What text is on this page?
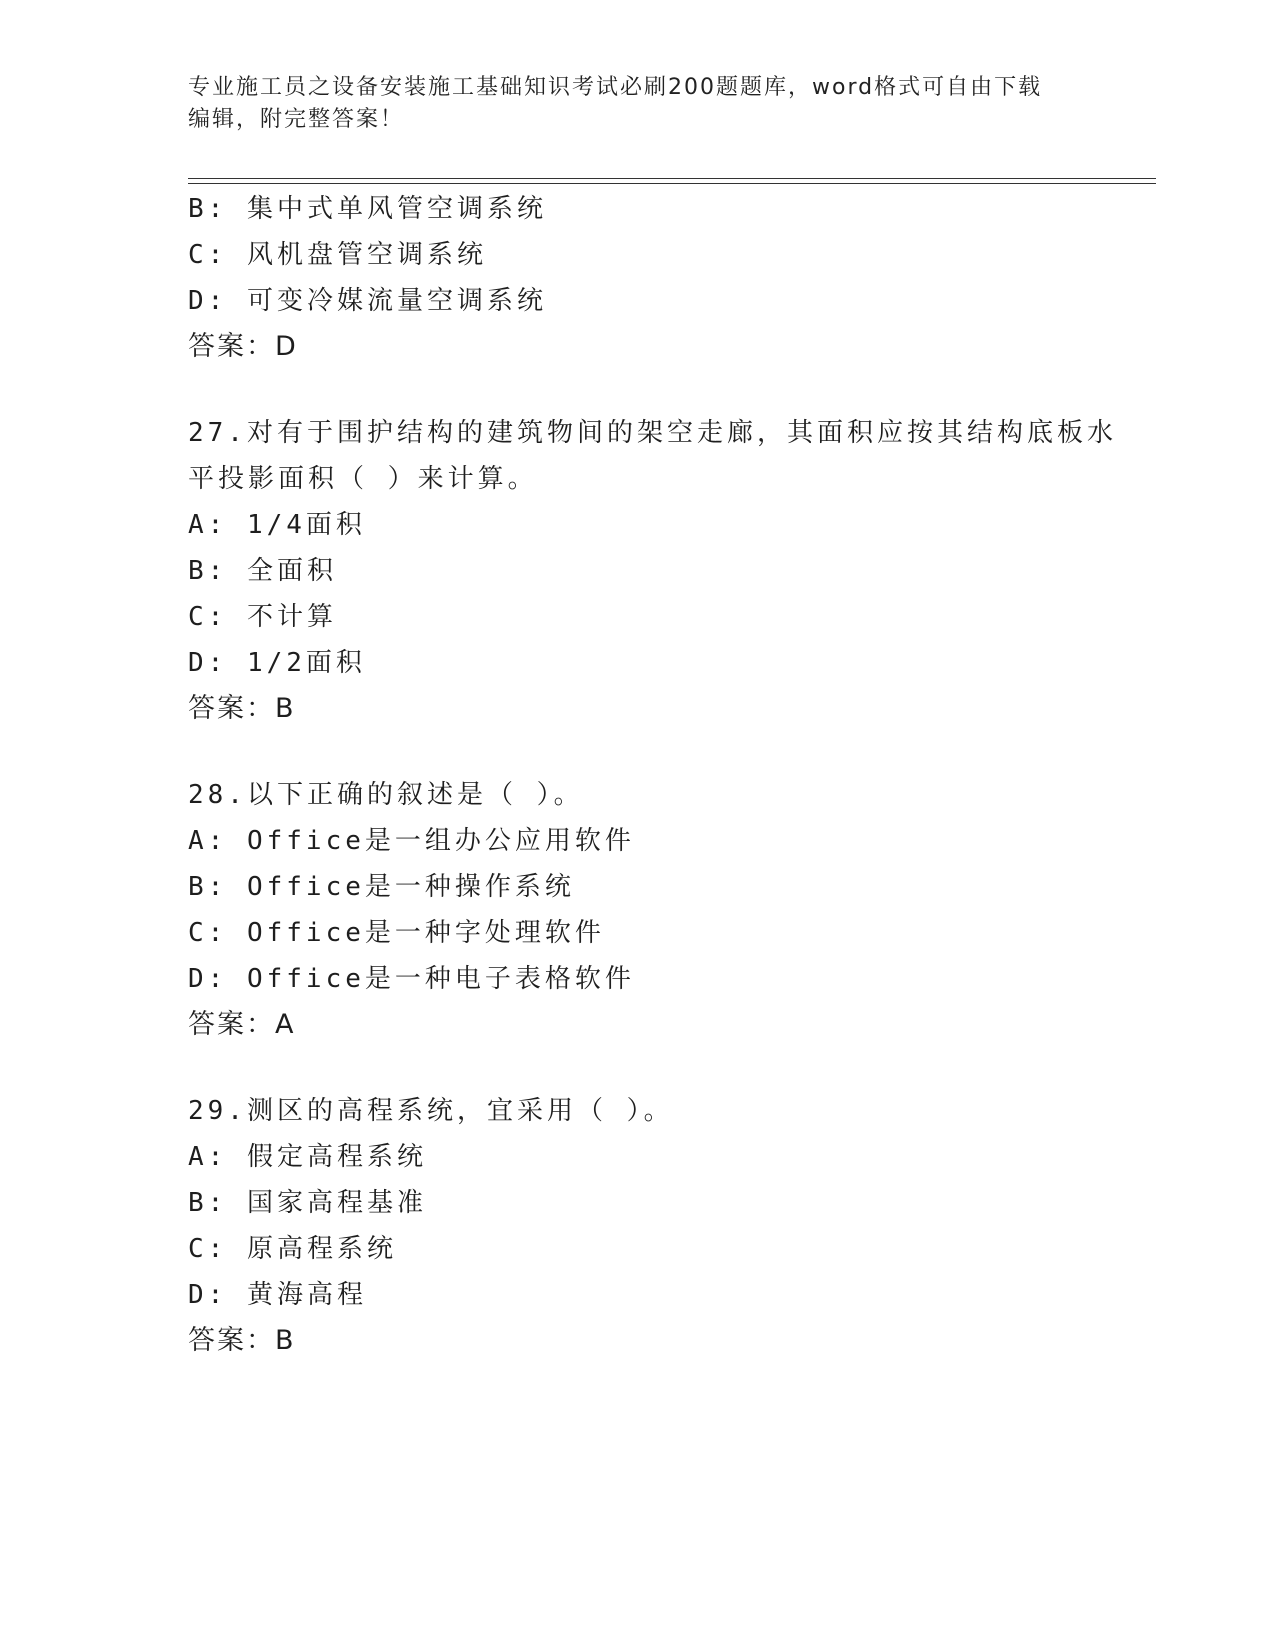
专业施工员之设备安装施工基础知识考试必刷200题题库，word格式可自由下载
编辑，附完整答案！
B: 集中式单风管空调系统
C: 风机盘管空调系统
D: 可变冷媒流量空调系统
答案：D
27.对有于围护结构的建筑物间的架空走廊，其面积应按其结构底板水
平投影面积（ ）来计算。
A: 1/4面积
B: 全面积
C: 不计算
D: 1/2面积
答案：B
28.以下正确的叙述是（ ）。
A: Office是一组办公应用软件
B: Office是一种操作系统
C: Office是一种字处理软件
D: Office是一种电子表格软件
答案：A
29.测区的高程系统，宜采用（ ）。
A: 假定高程系统
B: 国家高程基准
C: 原高程系统
D: 黄海高程
答案：B
